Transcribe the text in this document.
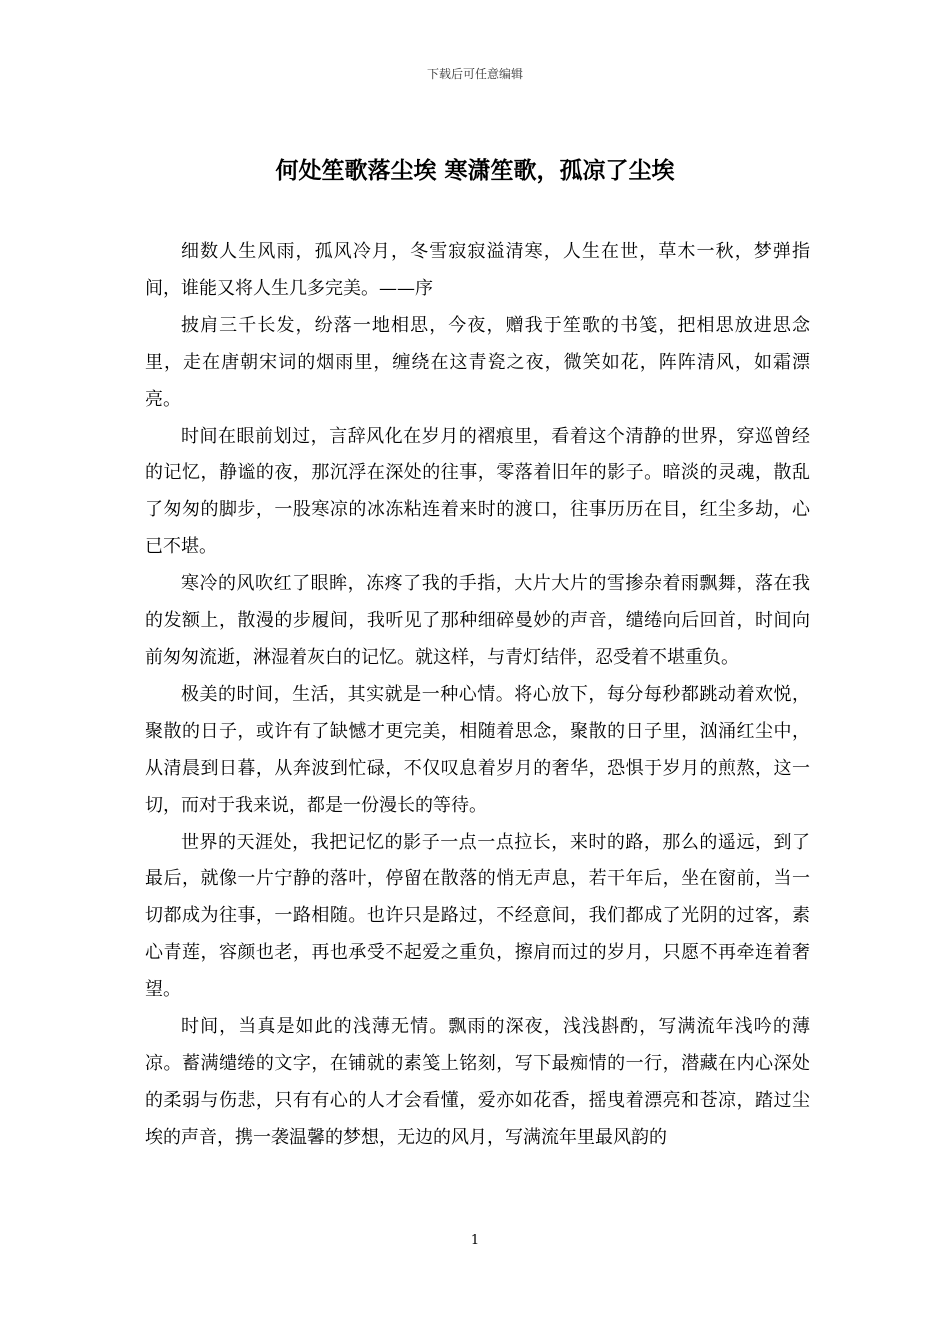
下载后可任意编辑
何处笙歌落尘埃 寒潇笙歌，孤凉了尘埃

细数人生风雨，孤风冷月，冬雪寂寂溢清寒，人生在世，草木一秋，梦弹指间，谁能又将人生几多完美。——序

披肩三千长发，纷落一地相思，今夜，赠我于笙歌的书笺，把相思放进思念里，走在唐朝宋词的烟雨里，缠绕在这青瓷之夜，微笑如花，阵阵清风，如霜漂亮。

时间在眼前划过，言辞风化在岁月的褶痕里，看着这个清静的世界，穿巡曾经的记忆，静谧的夜，那沉浮在深处的往事，零落着旧年的影子。暗淡的灵魂，散乱了匆匆的脚步，一股寒凉的冰冻粘连着来时的渡口，往事历历在目，红尘多劫，心已不堪。

寒冷的风吹红了眼眸，冻疼了我的手指，大片大片的雪掺杂着雨飘舞，落在我的发额上，散漫的步履间，我听见了那种细碎曼妙的声音，缱绻向后回首，时间向前匆匆流逝，淋湿着灰白的记忆。就这样，与青灯结伴，忍受着不堪重负。

极美的时间，生活，其实就是一种心情。将心放下，每分每秒都跳动着欢悦，聚散的日子，或许有了缺憾才更完美，相随着思念，聚散的日子里，汹涌红尘中，从清晨到日暮，从奔波到忙碌，不仅叹息着岁月的奢华，恐惧于岁月的煎熬，这一切，而对于我来说，都是一份漫长的等待。

世界的天涯处，我把记忆的影子一点一点拉长，来时的路，那么的遥远，到了最后，就像一片宁静的落叶，停留在散落的悄无声息，若干年后，坐在窗前，当一切都成为往事，一路相随。也许只是路过，不经意间，我们都成了光阴的过客，素心青莲，容颜也老，再也承受不起爱之重负，擦肩而过的岁月，只愿不再牵连着奢望。

时间，当真是如此的浅薄无情。飘雨的深夜，浅浅斟酌，写满流年浅吟的薄凉。蓄满缱绻的文字，在铺就的素笺上铭刻，写下最痴情的一行，潜藏在内心深处的柔弱与伤悲，只有有心的人才会看懂，爱亦如花香，摇曳着漂亮和苍凉，踏过尘埃的声音，携一袭温馨的梦想，无边的风月，写满流年里最风韵的

1
